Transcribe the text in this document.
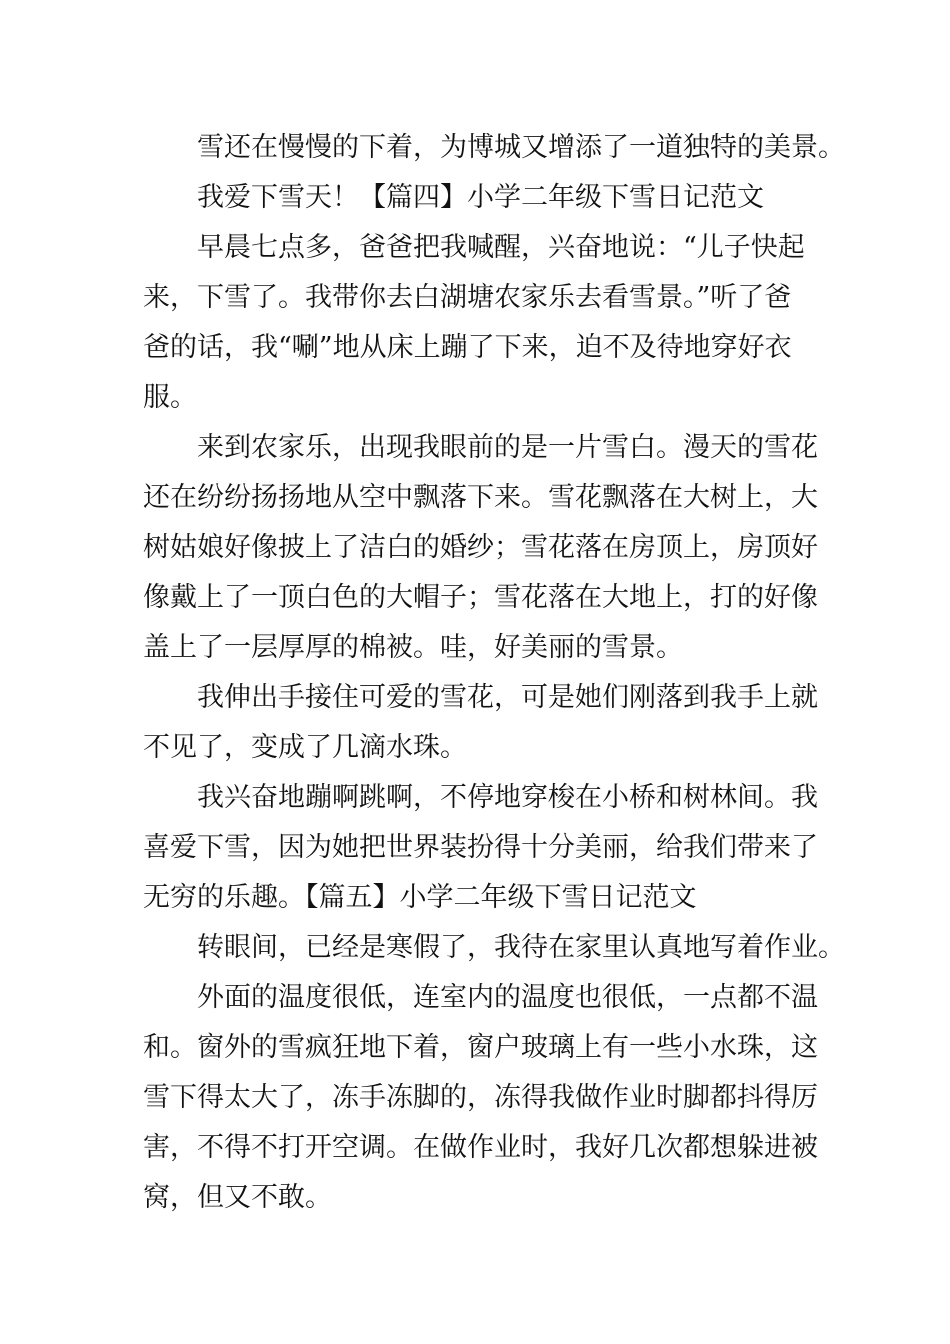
雪还在慢慢的下着，为博城又增添了一道独特的美景。
我爱下雪天！【篇四】小学二年级下雪日记范文
早晨七点多，爸爸把我喊醒，兴奋地说：“儿子快起
来，下雪了。我带你去白湖塘农家乐去看雪景。”听了爸
爸的话，我“唰”地从床上蹦了下来，迫不及待地穿好衣
服。
来到农家乐，出现我眼前的是一片雪白。漫天的雪花
还在纷纷扬扬地从空中飘落下来。雪花飘落在大树上，大
树姑娘好像披上了洁白的婚纱；雪花落在房顶上，房顶好
像戴上了一顶白色的大帽子；雪花落在大地上，打的好像
盖上了一层厚厚的棉被。哇，好美丽的雪景。
我伸出手接住可爱的雪花，可是她们刚落到我手上就
不见了，变成了几滴水珠。
我兴奋地蹦啊跳啊，不停地穿梭在小桥和树林间。我
喜爱下雪，因为她把世界装扮得十分美丽，给我们带来了
无穷的乐趣。【篇五】小学二年级下雪日记范文
转眼间，已经是寒假了，我待在家里认真地写着作业。
外面的温度很低，连室内的温度也很低，一点都不温
和。窗外的雪疯狂地下着，窗户玻璃上有一些小水珠，这
雪下得太大了，冻手冻脚的，冻得我做作业时脚都抖得厉
害，不得不打开空调。在做作业时，我好几次都想躲进被
窝，但又不敢。
